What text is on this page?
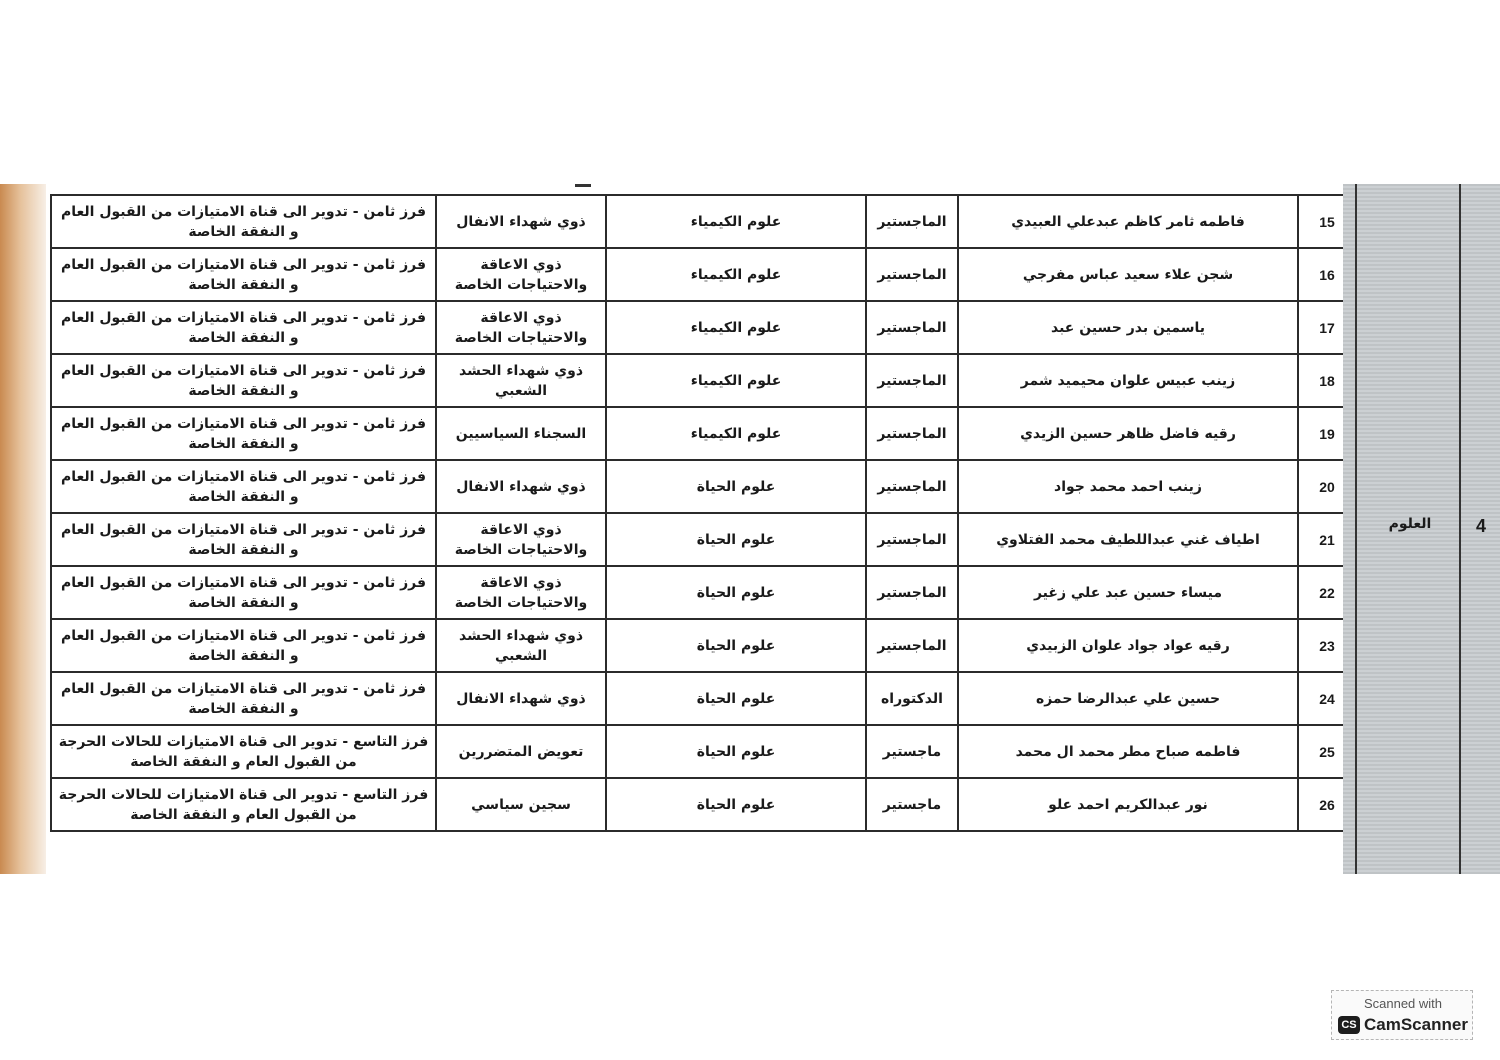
15	فاطمه ثامر كاظم عبدعلي العبيدي	الماجستير	علوم الكيمياء	ذوي شهداء الانفال	فرز ثامن - تدوير الى قناة الامتيازات من القبول العام و النفقة الخاصة
16	شجن علاء سعيد عباس مفرجي	الماجستير	علوم الكيمياء	ذوي الاعاقة والاحتياجات الخاصة	فرز ثامن - تدوير الى قناة الامتيازات من القبول العام و النفقة الخاصة
17	ياسمين بدر حسين عبد	الماجستير	علوم الكيمياء	ذوي الاعاقة والاحتياجات الخاصة	فرز ثامن - تدوير الى قناة الامتيازات من القبول العام و النفقة الخاصة
18	زينب عبيس علوان محيميد شمر	الماجستير	علوم الكيمياء	ذوي شهداء الحشد الشعبي	فرز ثامن - تدوير الى قناة الامتيازات من القبول العام و النفقة الخاصة
19	رقيه فاضل ظاهر حسين الزيدي	الماجستير	علوم الكيمياء	السجناء السياسيين	فرز ثامن - تدوير الى قناة الامتيازات من القبول العام و النفقة الخاصة
20	زينب احمد محمد جواد	الماجستير	علوم الحياة	ذوي شهداء الانفال	فرز ثامن - تدوير الى قناة الامتيازات من القبول العام و النفقة الخاصة
21	اطياف غني عبداللطيف محمد الفتلاوي	الماجستير	علوم الحياة	ذوي الاعاقة والاحتياجات الخاصة	فرز ثامن - تدوير الى قناة الامتيازات من القبول العام و النفقة الخاصة
22	ميساء حسين عبد علي زغير	الماجستير	علوم الحياة	ذوي الاعاقة والاحتياجات الخاصة	فرز ثامن - تدوير الى قناة الامتيازات من القبول العام و النفقة الخاصة
23	رقيه عواد جواد علوان الزبيدي	الماجستير	علوم الحياة	ذوي شهداء الحشد الشعبي	فرز ثامن - تدوير الى قناة الامتيازات من القبول العام و النفقة الخاصة
24	حسين علي عبدالرضا حمزه	الدكتوراه	علوم الحياة	ذوي شهداء الانفال	فرز ثامن - تدوير الى قناة الامتيازات من القبول العام و النفقة الخاصة
25	فاطمه صباح مطر محمد ال محمد	ماجستير	علوم الحياة	تعويض المتضررين	فرز التاسع - تدوير الى قناة الامتيازات للحالات الحرجة من القبول العام و النفقة الخاصة
26	نور عبدالكريم احمد علو	ماجستير	علوم الحياة	سجين سياسي	فرز التاسع - تدوير الى قناة الامتيازات للحالات الحرجة من القبول العام و النفقة الخاصة
العلوم	4
Scanned with
CS CamScanner
